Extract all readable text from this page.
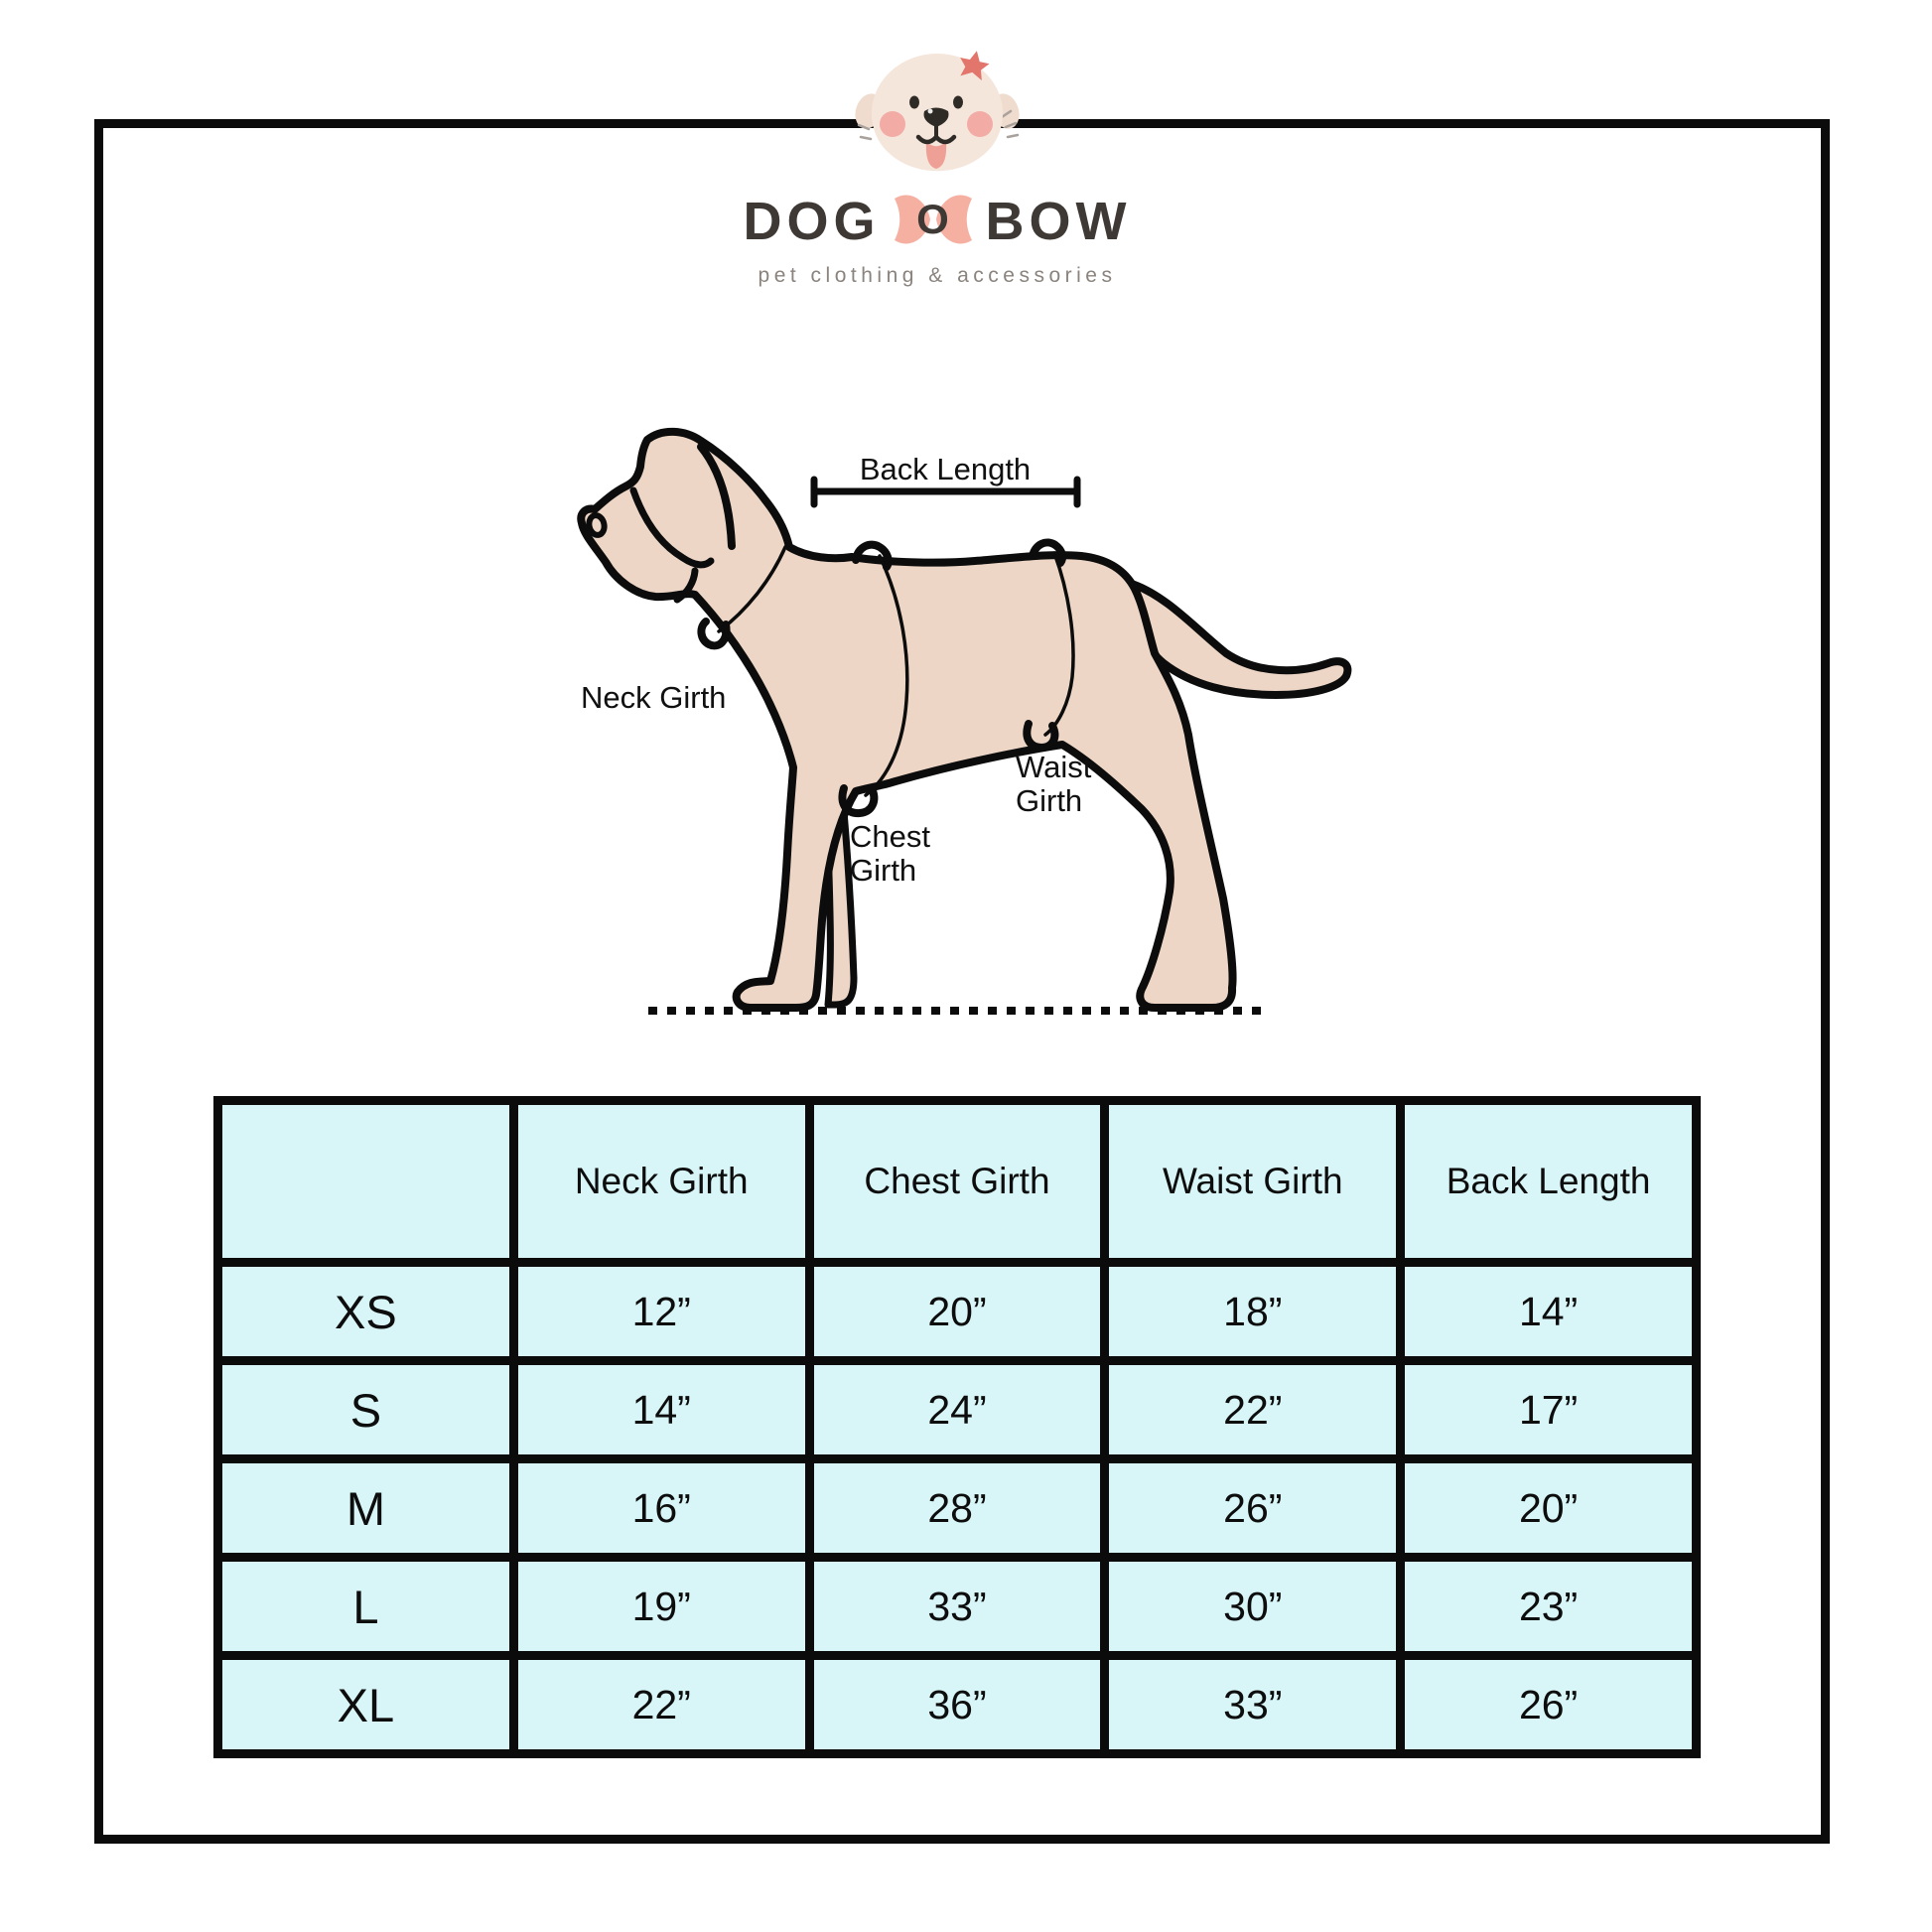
DOG O BOW
pet clothing & accessories
Back Length
Neck Girth
Chest
Girth
Waist
Girth
	Neck Girth	Chest Girth	Waist Girth	Back Length
XS	12”	20”	18”	14”
S	14”	24”	22”	17”
M	16”	28”	26”	20”
L	19”	33”	30”	23”
XL	22”	36”	33”	26”
